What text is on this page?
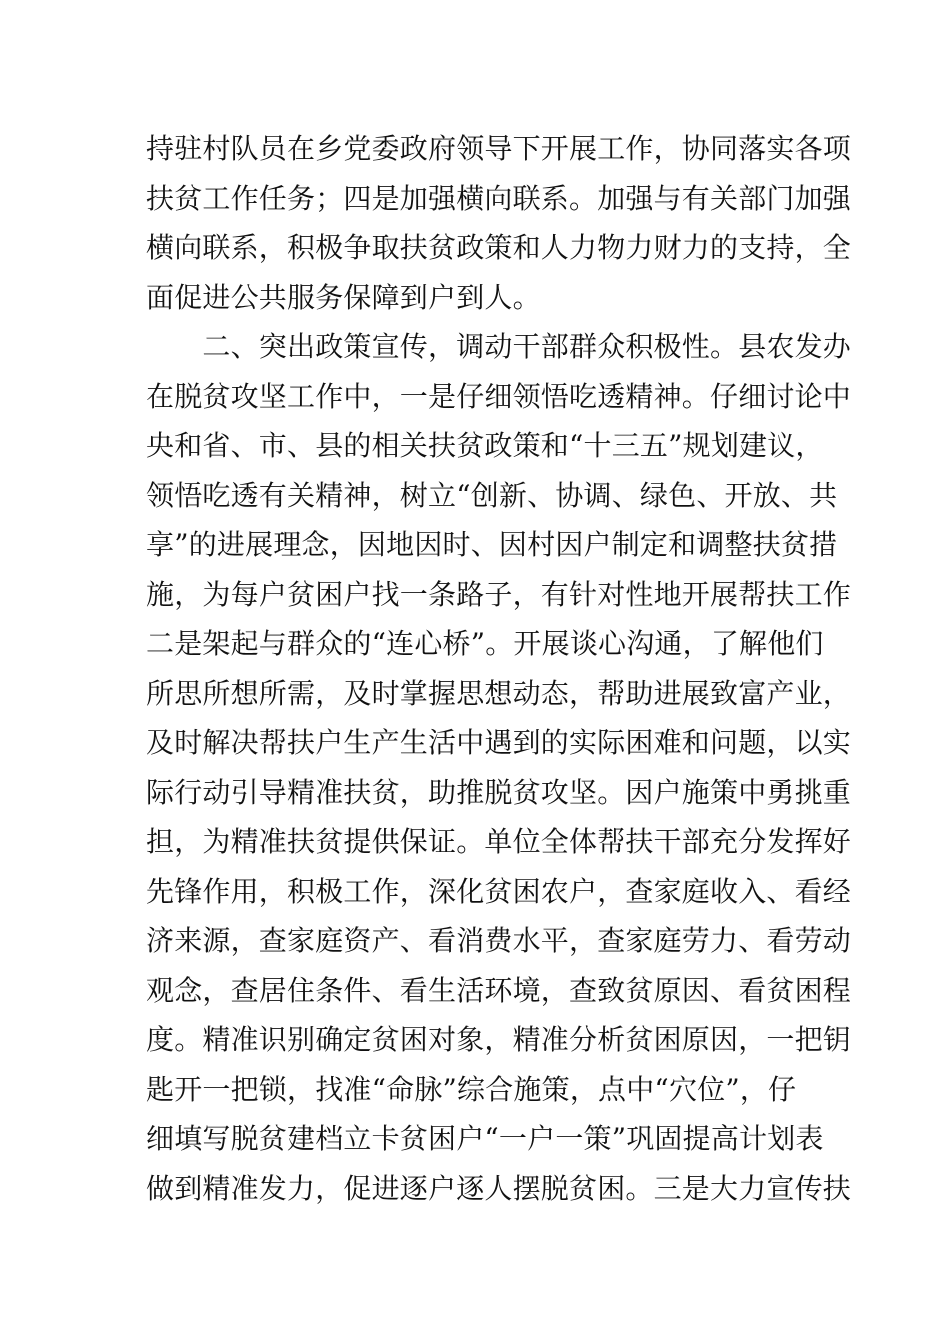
持驻村队员在乡党委政府领导下开展工作，协同落实各项
扶贫工作任务；四是加强横向联系。加强与有关部门加强
横向联系，积极争取扶贫政策和人力物力财力的支持，全
面促进公共服务保障到户到人。
　　二、突出政策宣传，调动干部群众积极性。县农发办
在脱贫攻坚工作中，一是仔细领悟吃透精神。仔细讨论中
央和省、市、县的相关扶贫政策和“十三五”规划建议，
领悟吃透有关精神，树立“创新、协调、绿色、开放、共
享”的进展理念，因地因时、因村因户制定和调整扶贫措
施，为每户贫困户找一条路子，有针对性地开展帮扶工作
二是架起与群众的“连心桥”。开展谈心沟通，了解他们
所思所想所需，及时掌握思想动态，帮助进展致富产业，
及时解决帮扶户生产生活中遇到的实际困难和问题，以实
际行动引导精准扶贫，助推脱贫攻坚。因户施策中勇挑重
担，为精准扶贫提供保证。单位全体帮扶干部充分发挥好
先锋作用，积极工作，深化贫困农户，查家庭收入、看经
济来源，查家庭资产、看消费水平，查家庭劳力、看劳动
观念，查居住条件、看生活环境，查致贫原因、看贫困程
度。精准识别确定贫困对象，精准分析贫困原因，一把钥
匙开一把锁，找准“命脉”综合施策，点中“穴位”，仔
细填写脱贫建档立卡贫困户“一户一策”巩固提高计划表
做到精准发力，促进逐户逐人摆脱贫困。三是大力宣传扶
